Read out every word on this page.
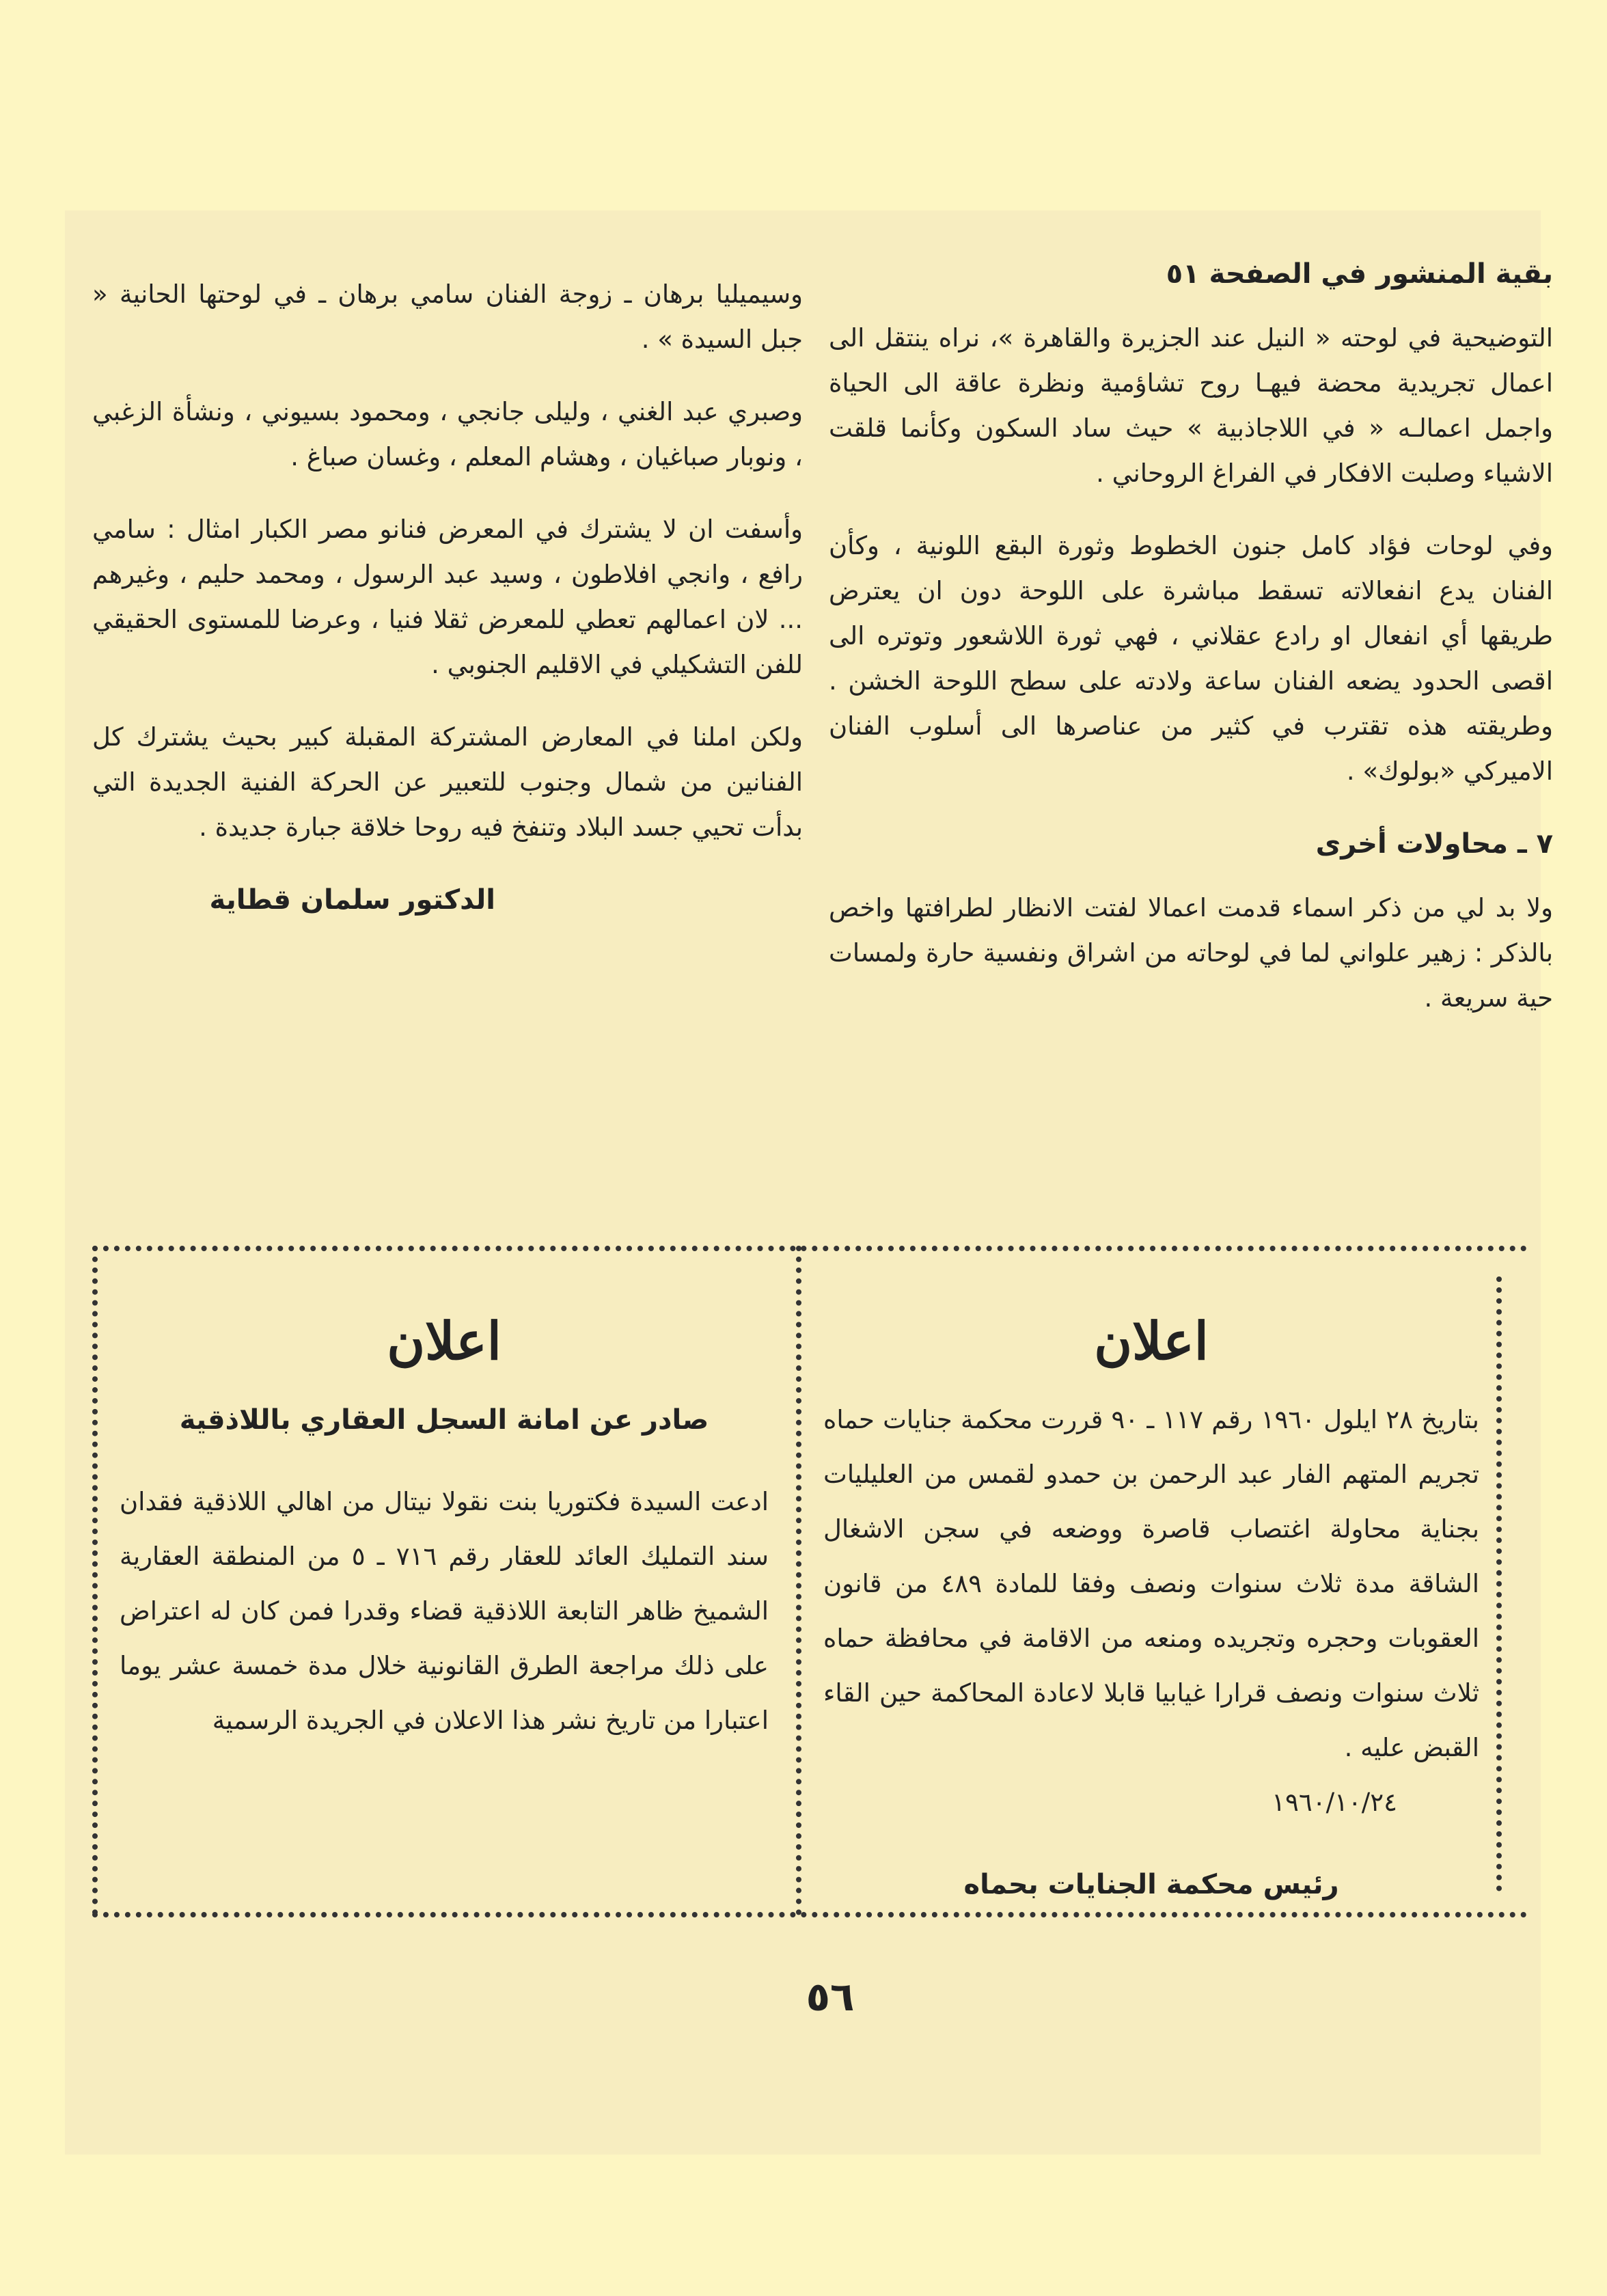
بقية المنشور في الصفحة ٥١

التوضيحية في لوحته « النيل عند الجزيرة والقاهرة »، نراه ينتقل الى اعمال تجريدية محضة فيهـا روح تشاؤمية ونظرة عاقة الى الحياة واجمل اعمالـه « في اللاجاذبية » حيث ساد السكون وكأنما قلقت الاشياء وصلبت الافكار في الفراغ الروحاني .

وفي لوحات فؤاد كامل جنون الخطوط وثورة البقع اللونية ، وكأن الفنان يدع انفعالاته تسقط مباشرة على اللوحة دون ان يعترض طريقها أي انفعال او رادع عقلاني ، فهي ثورة اللاشعور وتوتره الى اقصى الحدود يضعه الفنان ساعة ولادته على سطح اللوحة الخشن . وطريقته هذه تقترب في كثير من عناصرها الى أسلوب الفنان الاميركي «بولوك» .

٧ ـ محاولات أخرى

ولا بد لي من ذكر اسماء قدمت اعمالا لفتت الانظار لطرافتها واخص بالذكر : زهير علواني لما في لوحاته من اشراق ونفسية حارة ولمسات حية سريعة .

وسيميليا برهان ـ زوجة الفنان سامي برهان ـ في لوحتها الحانية « جبل السيدة » .

وصبري عبد الغني ، وليلى جانجي ، ومحمود بسيوني ، ونشأة الزغبي ، ونوبار صباغيان ، وهشام المعلم ، وغسان صباغ .

وأسفت ان لا يشترك في المعرض فنانو مصر الكبار امثال : سامي رافع ، وانجي افلاطون ، وسيد عبد الرسول ، ومحمد حليم ، وغيرهم ... لان اعمالهم تعطي للمعرض ثقلا فنيا ، وعرضا للمستوى الحقيقي للفن التشكيلي في الاقليم الجنوبي .

ولكن املنا في المعارض المشتركة المقبلة كبير بحيث يشترك كل الفنانين من شمال وجنوب للتعبير عن الحركة الفنية الجديدة التي بدأت تحيي جسد البلاد وتنفخ فيه روحا خلاقة جبارة جديدة .

الدكتور سلمان قطاية
اعلان

بتاريخ ٢٨ ايلول ١٩٦٠ رقم ١١٧ ـ ٩٠ قررت محكمة جنايات حماه تجريم المتهم الفار عبد الرحمن بن حمدو لقمس من العليليات بجناية محاولة اغتصاب قاصرة ووضعه في سجن الاشغال الشاقة مدة ثلاث سنوات ونصف وفقا للمادة ٤٨٩ من قانون العقوبات وحجره وتجريده ومنعه من الاقامة في محافظة حماه ثلاث سنوات ونصف قرارا غيابيا قابلا لاعادة المحاكمة حين القاء القبض عليه .

١٩٦٠/١٠/٢٤

رئيس محكمة الجنايات بحماه
اعلان
صادر عن امانة السجل العقاري باللاذقية

ادعت السيدة فكتوريا بنت نقولا نيتال من اهالي اللاذقية فقدان سند التمليك العائد للعقار رقم ٧١٦ ـ ٥ من المنطقة العقارية الشميخ ظاهر التابعة اللاذقية قضاء وقدرا فمن كان له اعتراض على ذلك مراجعة الطرق القانونية خلال مدة خمسة عشر يوما اعتبارا من تاريخ نشر هذا الاعلان في الجريدة الرسمية

٥٦
